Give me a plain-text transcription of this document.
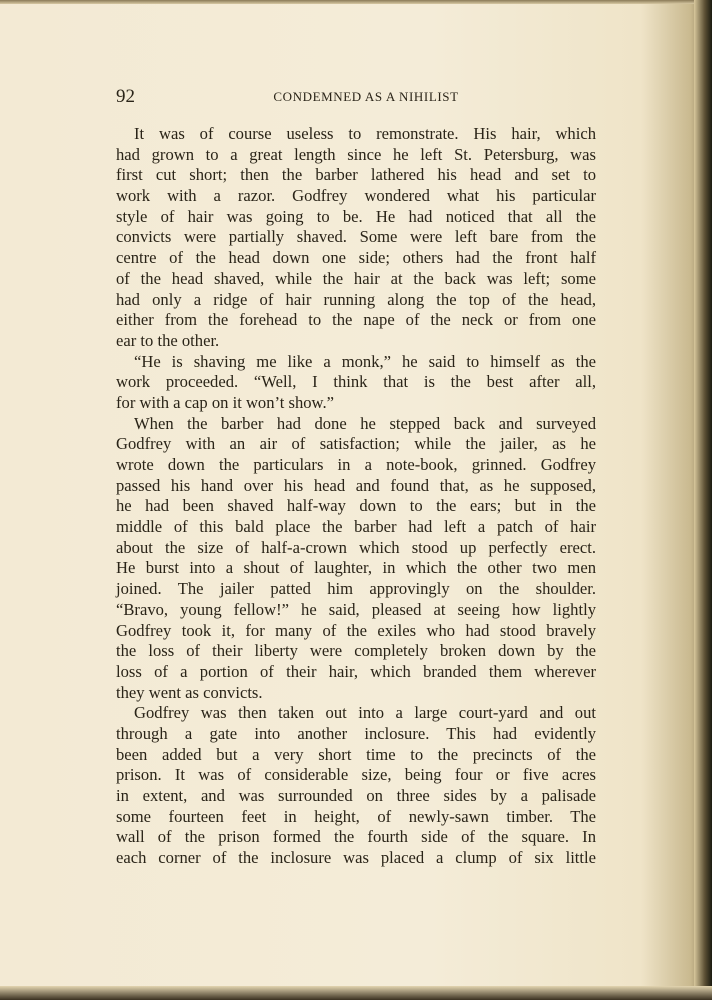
92	CONDEMNED AS A NIHILIST
It was of course useless to remonstrate. His hair, which
had grown to a great length since he left St. Petersburg, was
first cut short; then the barber lathered his head and set to
work with a razor. Godfrey wondered what his particular
style of hair was going to be. He had noticed that all the
convicts were partially shaved. Some were left bare from the
centre of the head down one side; others had the front half
of the head shaved, while the hair at the back was left; some
had only a ridge of hair running along the top of the head,
either from the forehead to the nape of the neck or from one
ear to the other.
“He is shaving me like a monk,” he said to himself as the
work proceeded. “Well, I think that is the best after all,
for with a cap on it won’t show.”
When the barber had done he stepped back and surveyed
Godfrey with an air of satisfaction; while the jailer, as he
wrote down the particulars in a note-book, grinned. Godfrey
passed his hand over his head and found that, as he supposed,
he had been shaved half-way down to the ears; but in the
middle of this bald place the barber had left a patch of hair
about the size of half-a-crown which stood up perfectly erect.
He burst into a shout of laughter, in which the other two men
joined. The jailer patted him approvingly on the shoulder.
“Bravo, young fellow!” he said, pleased at seeing how lightly
Godfrey took it, for many of the exiles who had stood bravely
the loss of their liberty were completely broken down by the
loss of a portion of their hair, which branded them wherever
they went as convicts.
Godfrey was then taken out into a large court-yard and out
through a gate into another inclosure. This had evidently
been added but a very short time to the precincts of the
prison. It was of considerable size, being four or five acres
in extent, and was surrounded on three sides by a palisade
some fourteen feet in height, of newly-sawn timber. The
wall of the prison formed the fourth side of the square. In
each corner of the inclosure was placed a clump of six little
